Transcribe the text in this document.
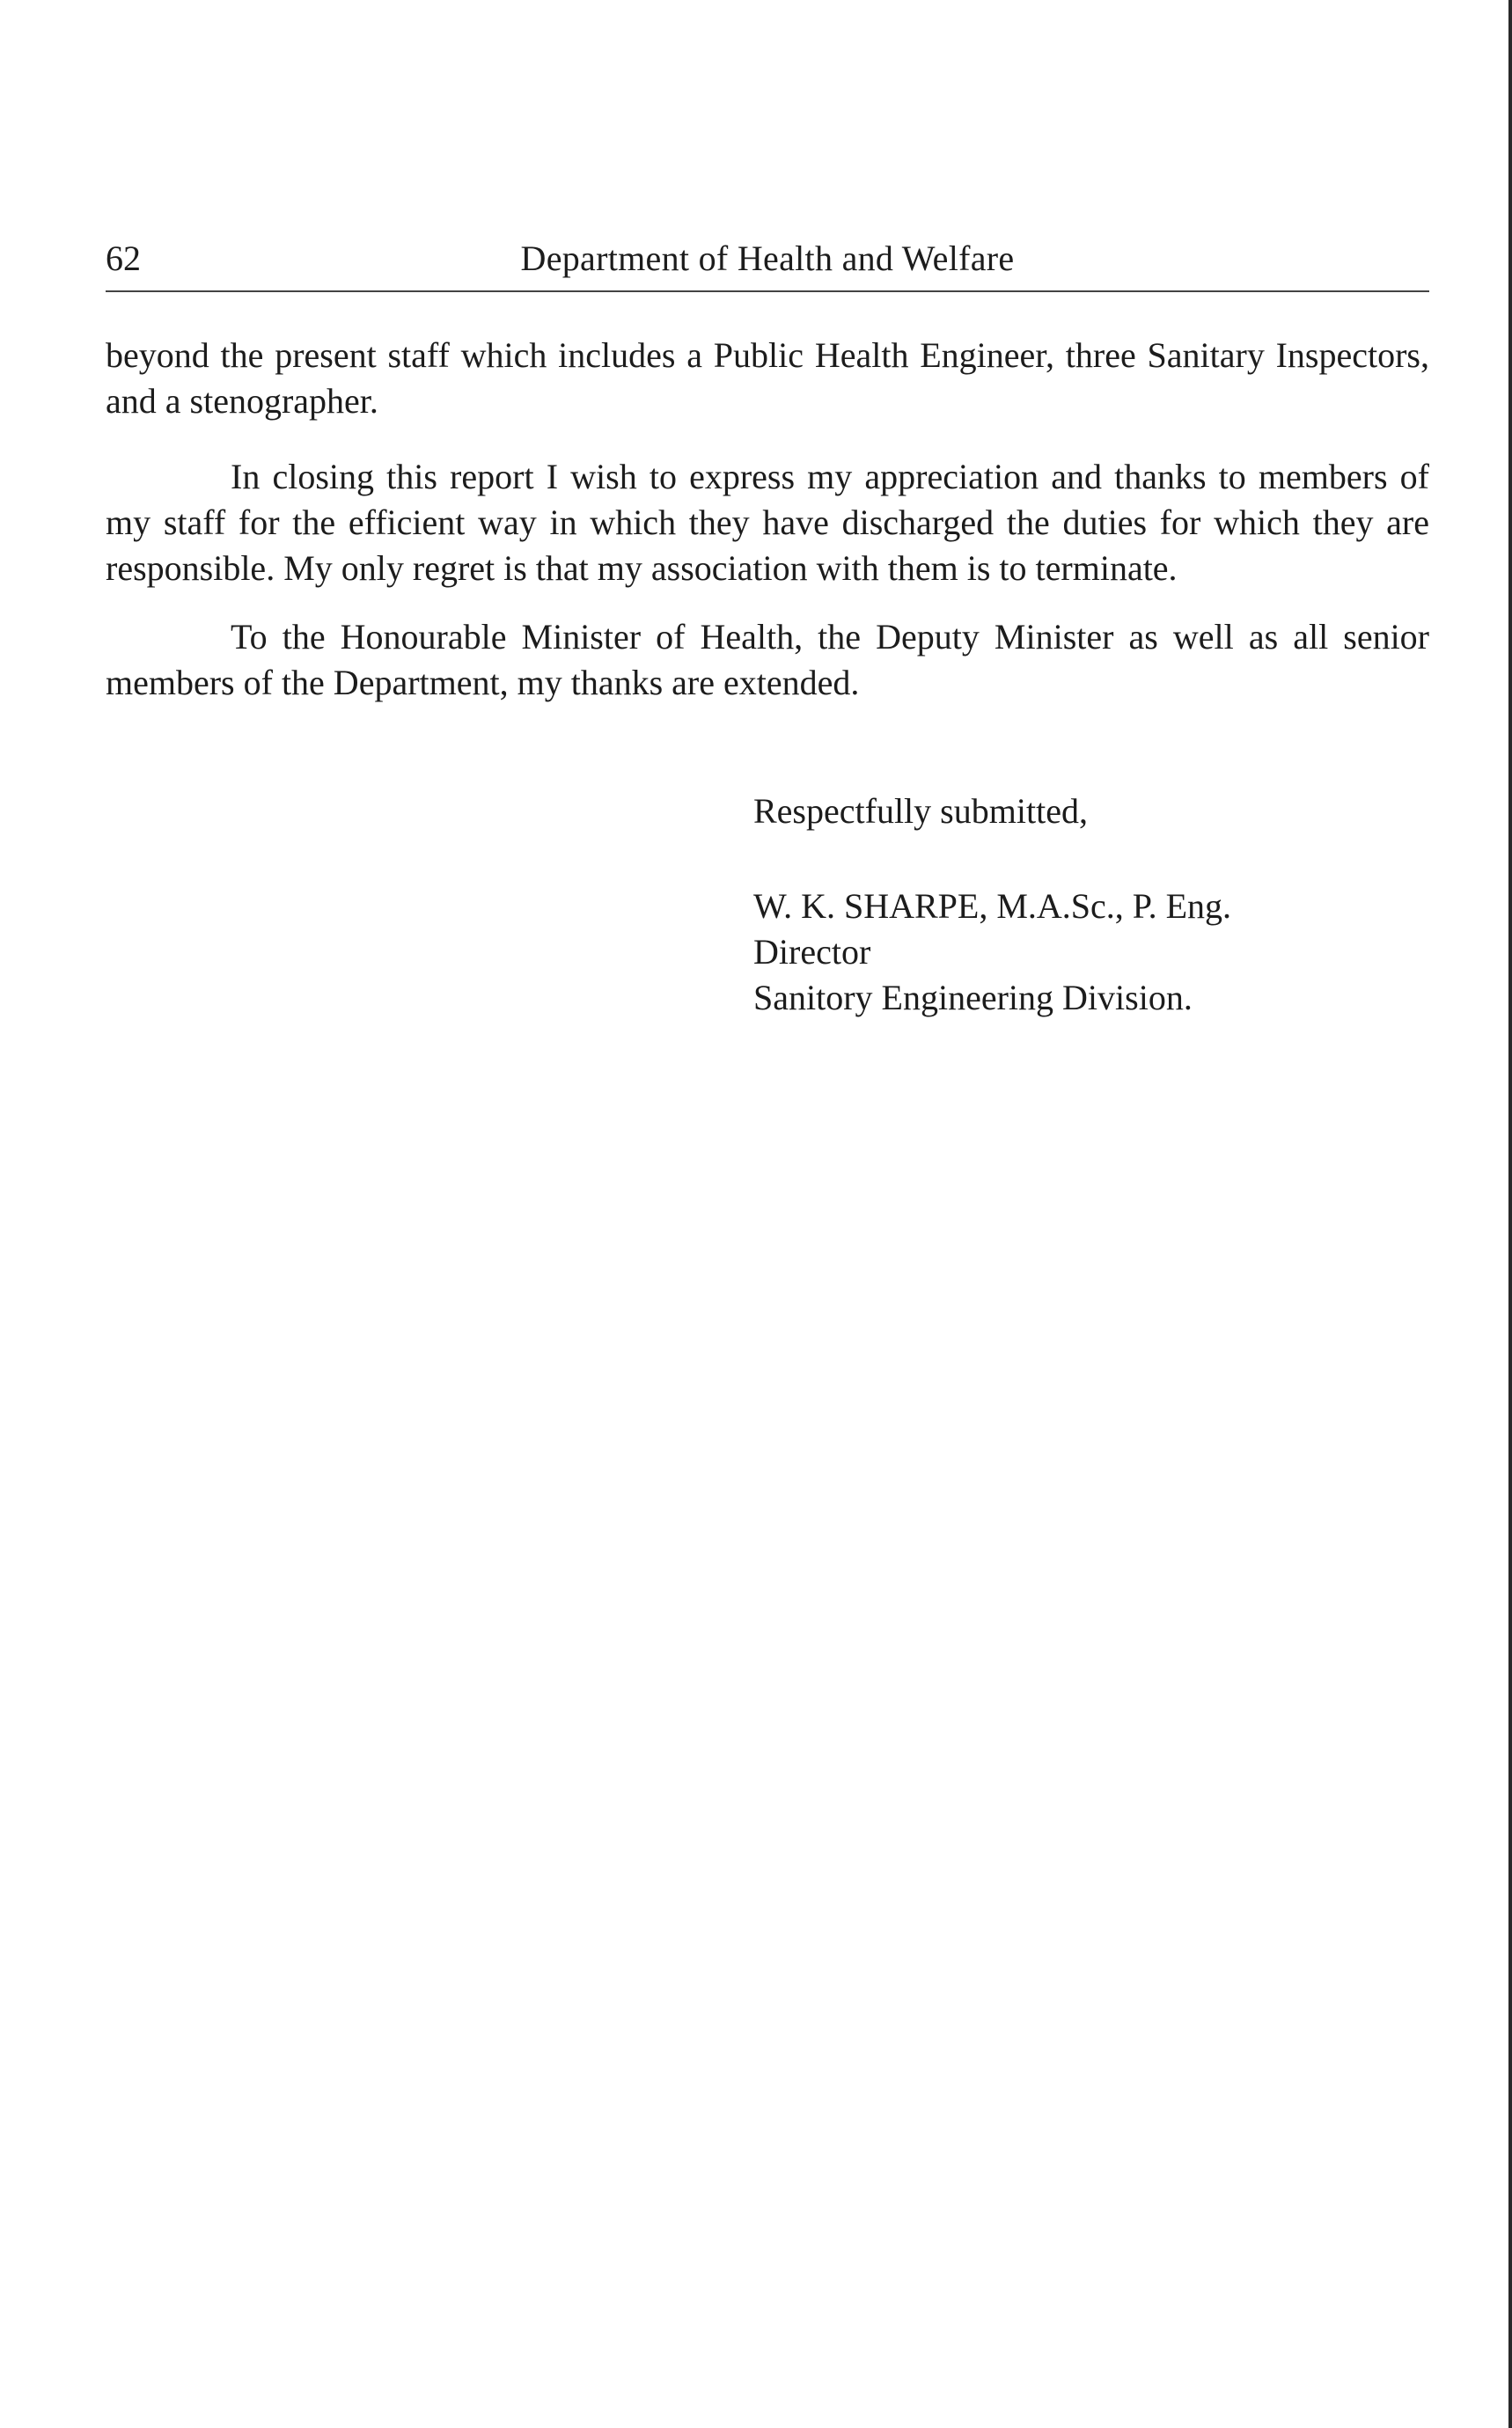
62	Department of Health and Welfare

beyond the present staff which includes a Public Health Engineer, three Sanitary Inspectors, and a stenographer.

In closing this report I wish to express my appreciation and thanks to members of my staff for the efficient way in which they have discharged the duties for which they are responsible. My only regret is that my association with them is to terminate.

To the Honourable Minister of Health, the Deputy Minister as well as all senior members of the Department, my thanks are extended.

Respectfully submitted,
W. K. SHARPE, M.A.Sc., P. Eng.
Director
Sanitory Engineering Division.
